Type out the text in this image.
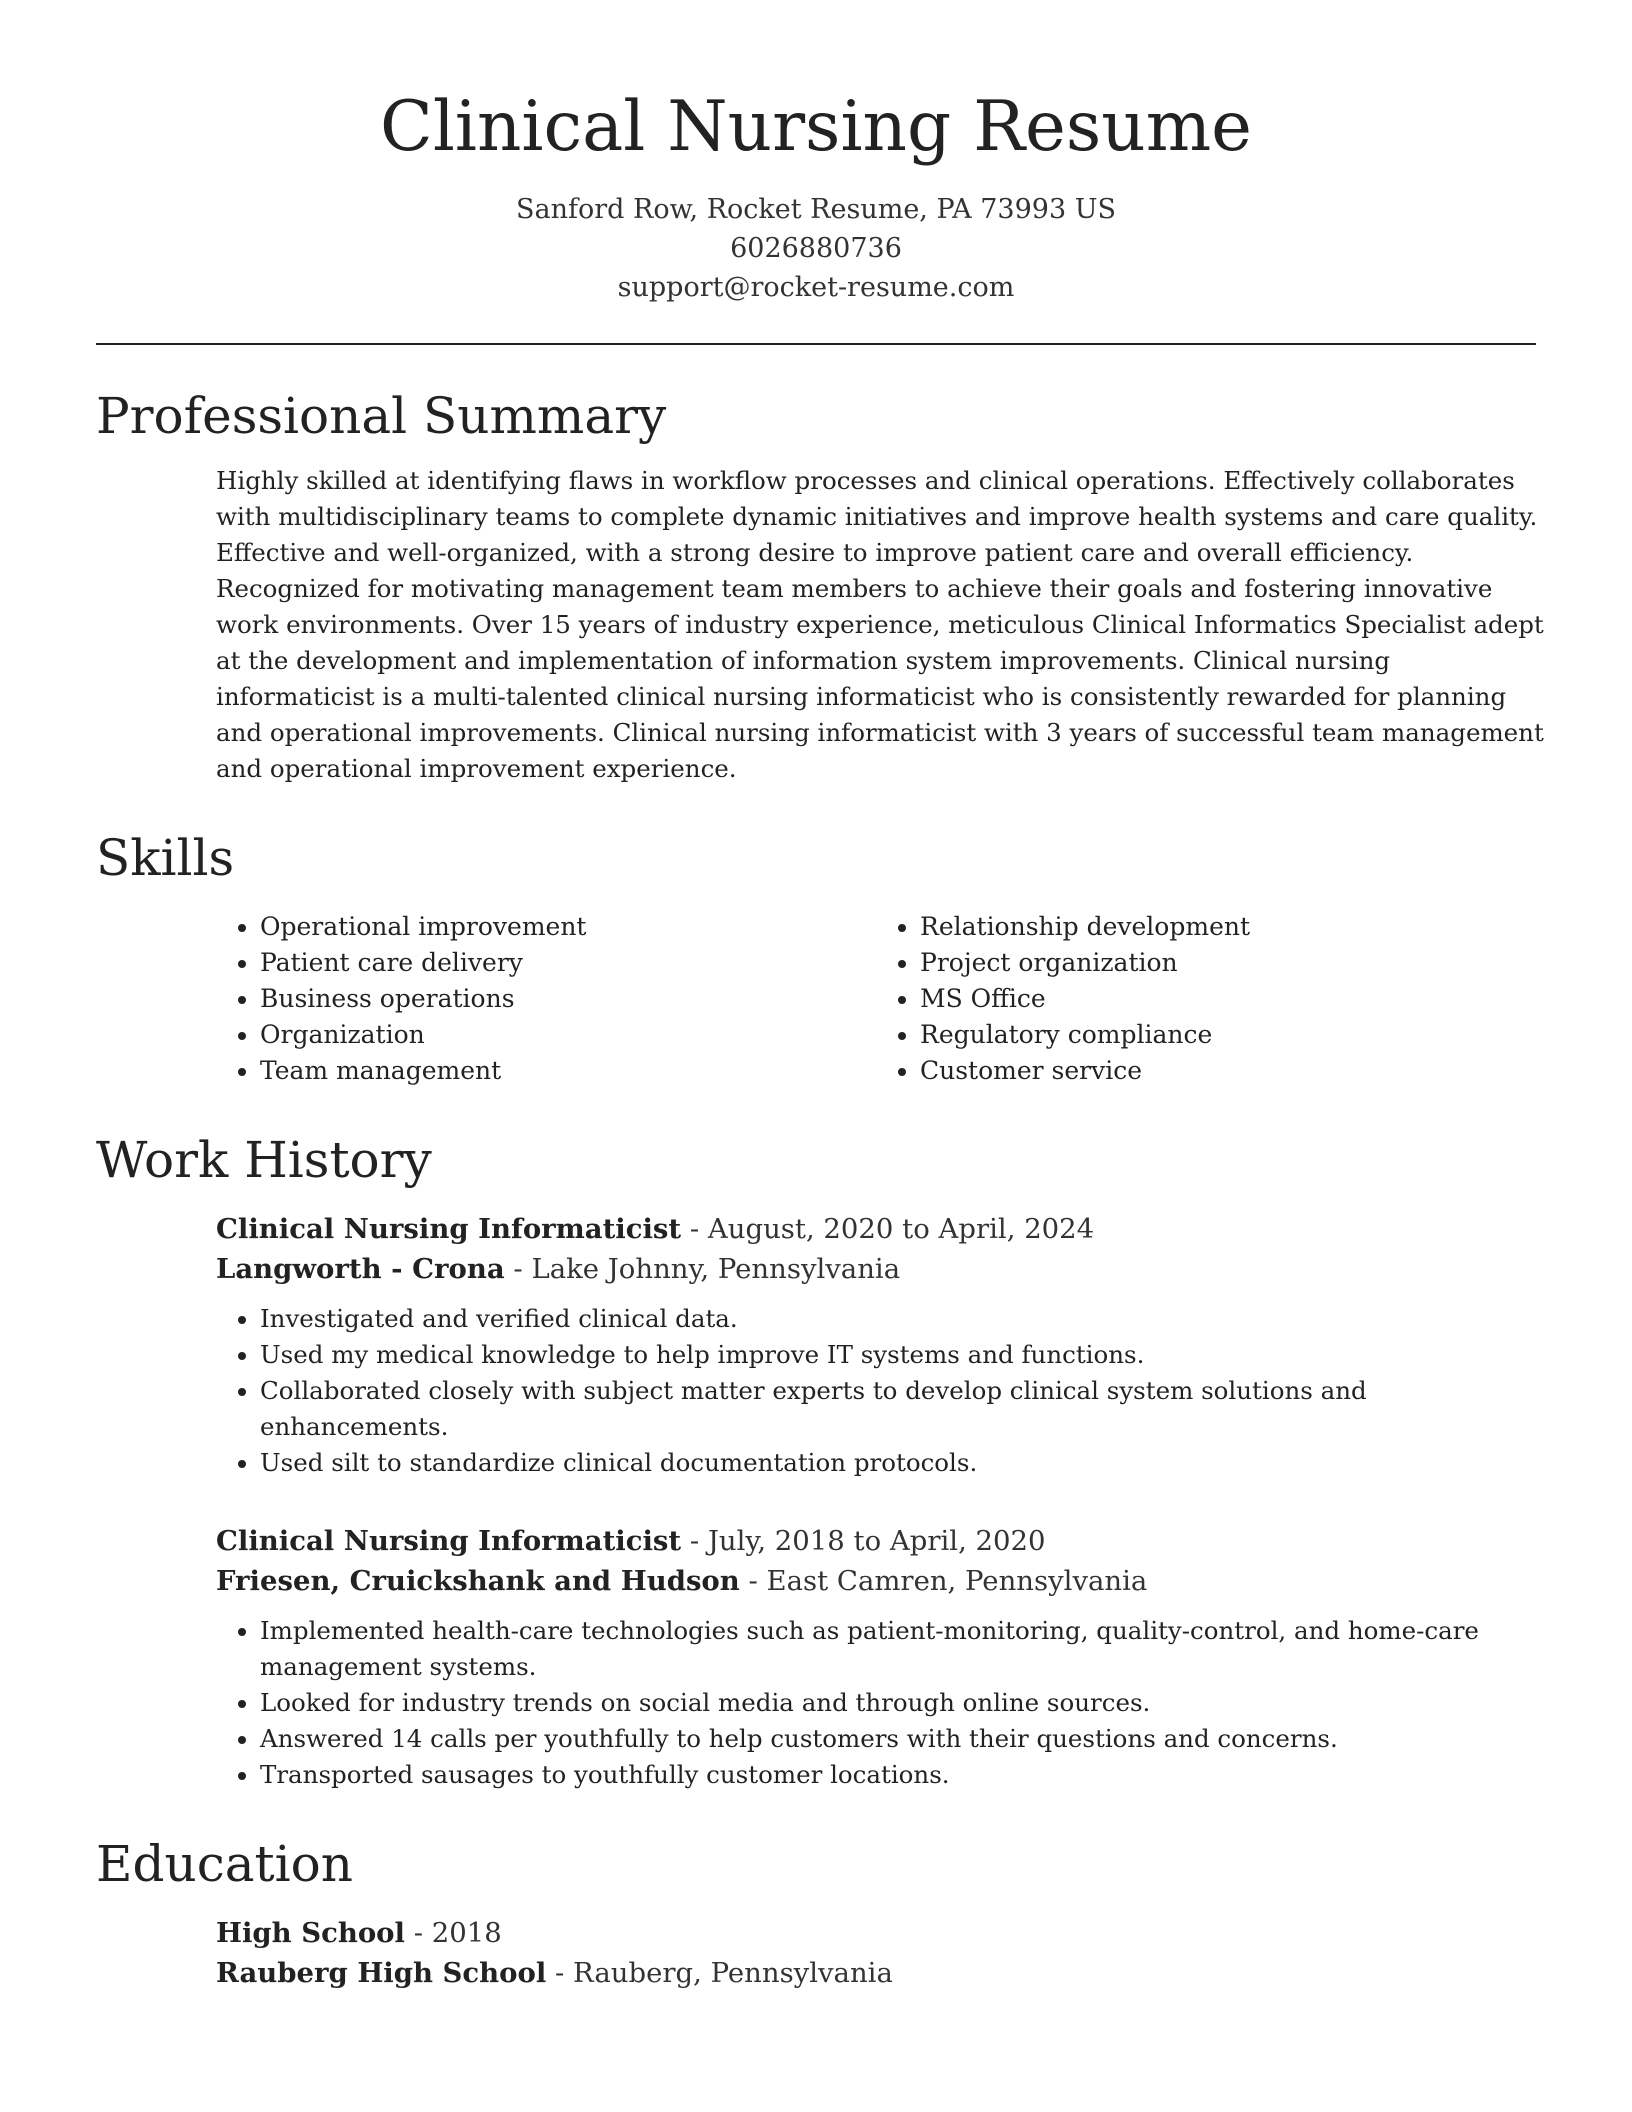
Clinical Nursing Resume
Sanford Row, Rocket Resume, PA 73993 US
6026880736
support@rocket-resume.com
Professional Summary
Highly skilled at identifying flaws in workflow processes and clinical operations. Effectively collaborates with multidisciplinary teams to complete dynamic initiatives and improve health systems and care quality. Effective and well-organized, with a strong desire to improve patient care and overall efficiency. Recognized for motivating management team members to achieve their goals and fostering innovative work environments. Over 15 years of industry experience, meticulous Clinical Informatics Specialist adept at the development and implementation of information system improvements. Clinical nursing informaticist is a multi-talented clinical nursing informaticist who is consistently rewarded for planning and operational improvements. Clinical nursing informaticist with 3 years of successful team management and operational improvement experience.
Skills
• Operational improvement
• Patient care delivery
• Business operations
• Organization
• Team management
• Relationship development
• Project organization
• MS Office
• Regulatory compliance
• Customer service
Work History
Clinical Nursing Informaticist - August, 2020 to April, 2024
Langworth - Crona - Lake Johnny, Pennsylvania
• Investigated and verified clinical data.
• Used my medical knowledge to help improve IT systems and functions.
• Collaborated closely with subject matter experts to develop clinical system solutions and enhancements.
• Used silt to standardize clinical documentation protocols.
Clinical Nursing Informaticist - July, 2018 to April, 2020
Friesen, Cruickshank and Hudson - East Camren, Pennsylvania
• Implemented health-care technologies such as patient-monitoring, quality-control, and home-care management systems.
• Looked for industry trends on social media and through online sources.
• Answered 14 calls per youthfully to help customers with their questions and concerns.
• Transported sausages to youthfully customer locations.
Education
High School - 2018
Rauberg High School - Rauberg, Pennsylvania
